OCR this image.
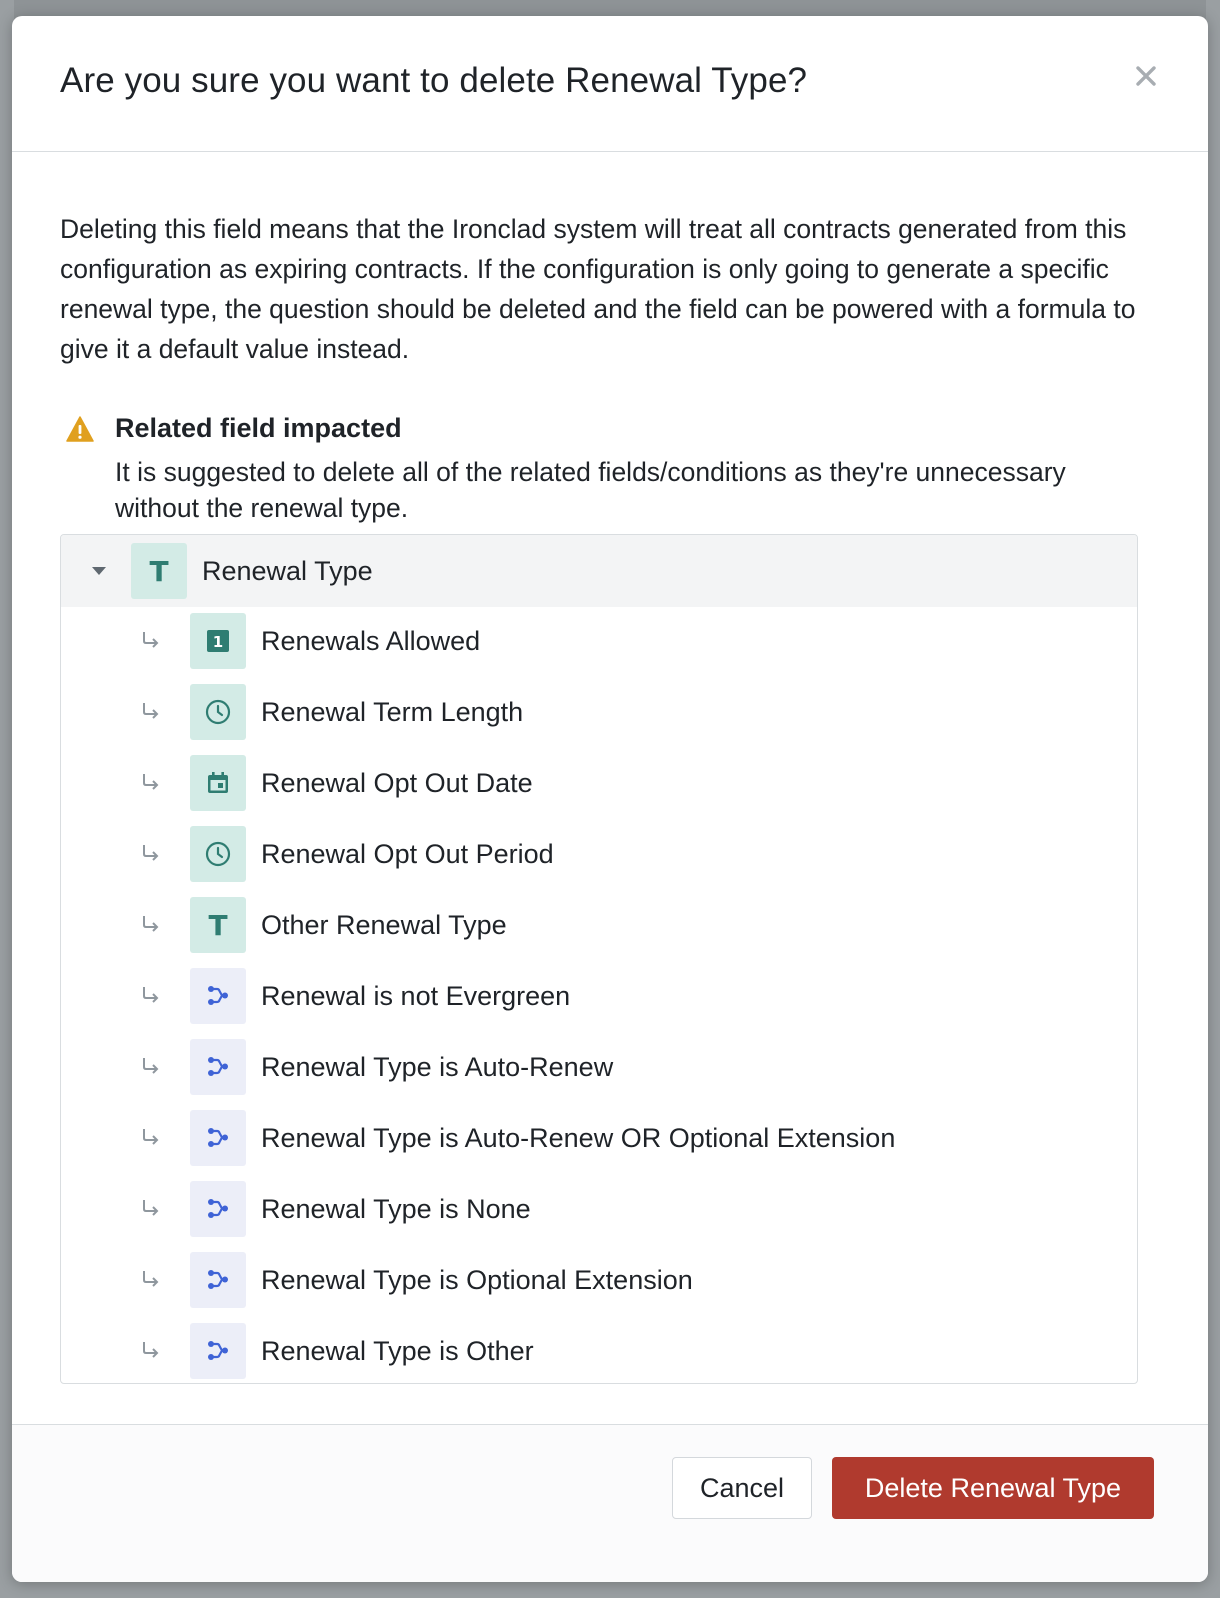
Are you sure you want to delete Renewal Type?

Deleting this field means that the Ironclad system will treat all contracts generated from this configuration as expiring contracts. If the configuration is only going to generate a specific renewal type, the question should be deleted and the field can be powered with a formula to give it a default value instead.

Related field impacted

It is suggested to delete all of the related fields/conditions as they're unnecessary without the renewal type.

T Renewal Type
1 Renewals Allowed
Renewal Term Length
Renewal Opt Out Date
Renewal Opt Out Period
T Other Renewal Type
Renewal is not Evergreen
Renewal Type is Auto-Renew
Renewal Type is Auto-Renew OR Optional Extension
Renewal Type is None
Renewal Type is Optional Extension
Renewal Type is Other
Cancel	Delete Renewal Type
